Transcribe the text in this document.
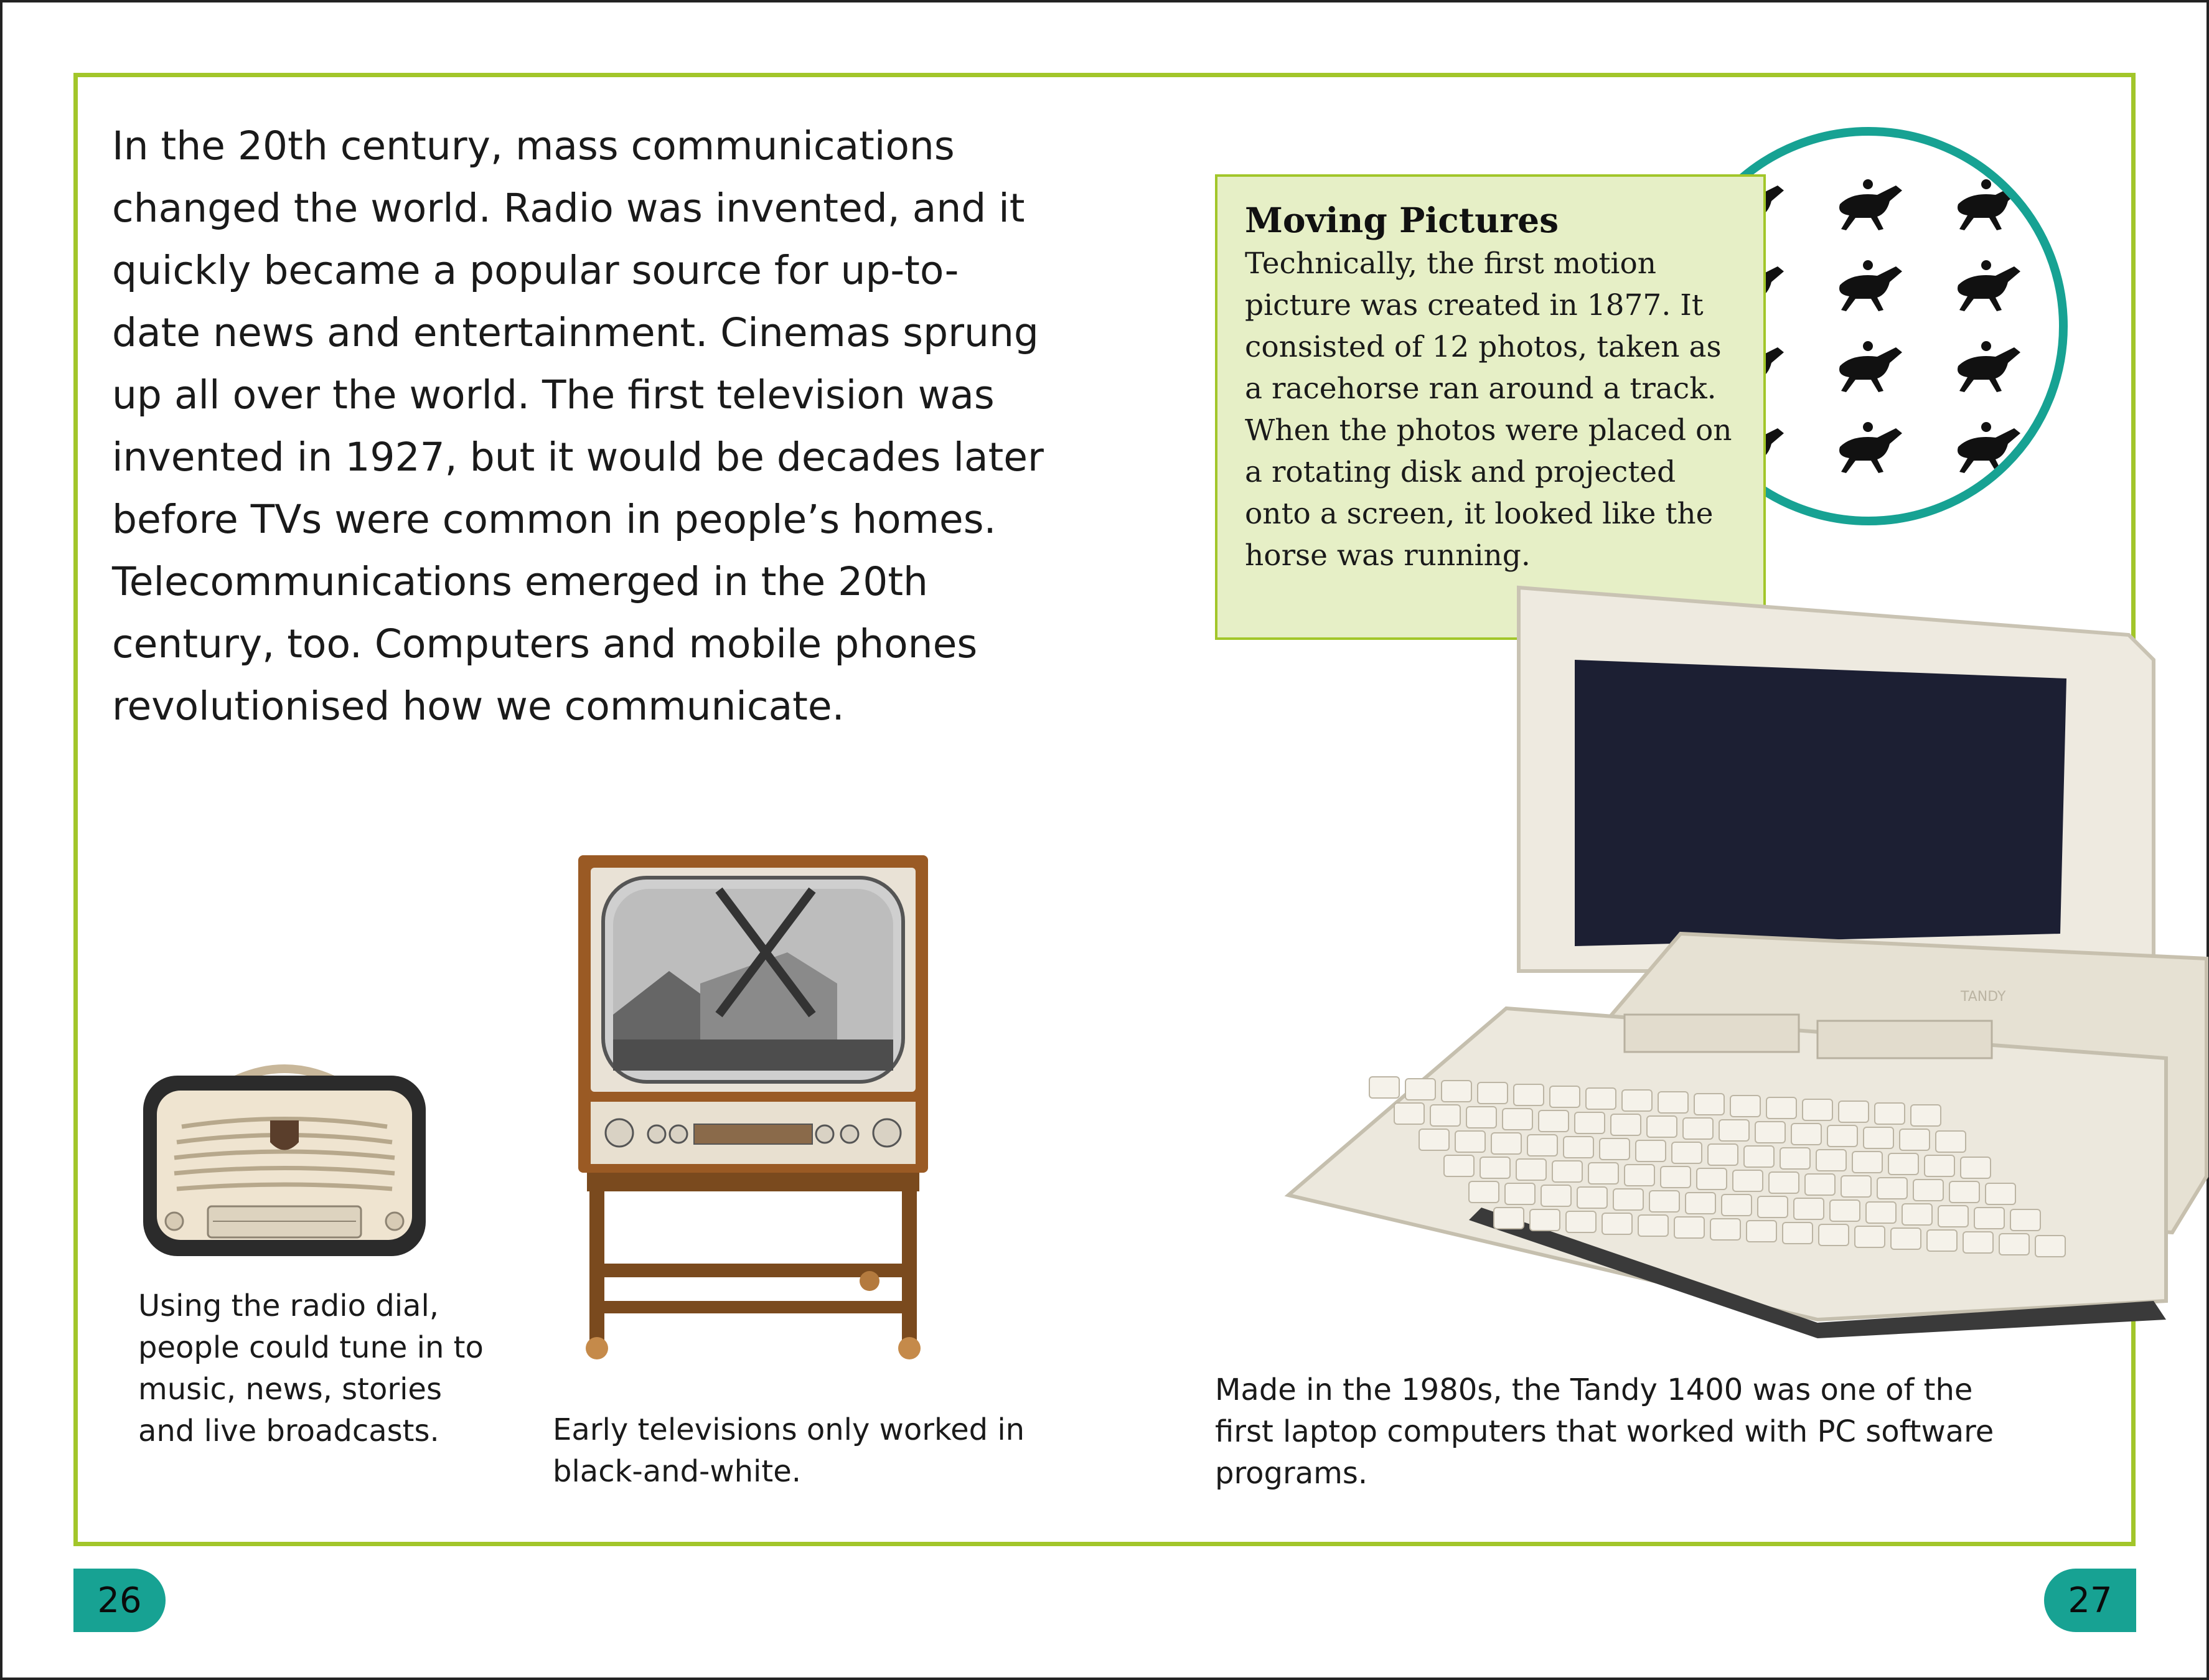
In the 20th century, mass communications changed the world. Radio was invented, and it quickly became a popular source for up-to-date news and entertainment. Cinemas sprung up all over the world. The first television was invented in 1927, but it would be decades later before TVs were common in people’s homes. Telecommunications emerged in the 20th century, too. Computers and mobile phones revolutionised how we communicate.
Moving Pictures
Technically, the first motion picture was created in 1877. It consisted of 12 photos, taken as a racehorse ran around a track. When the photos were placed on a rotating disk and projected onto a screen, it looked like the horse was running.
TANDY
Using the radio dial, people could tune in to music, news, stories and live broadcasts.	Early televisions only worked in black-and-white.
Made in the 1980s, the Tandy 1400 was one of the first laptop computers that worked with PC software programs.
26	27
